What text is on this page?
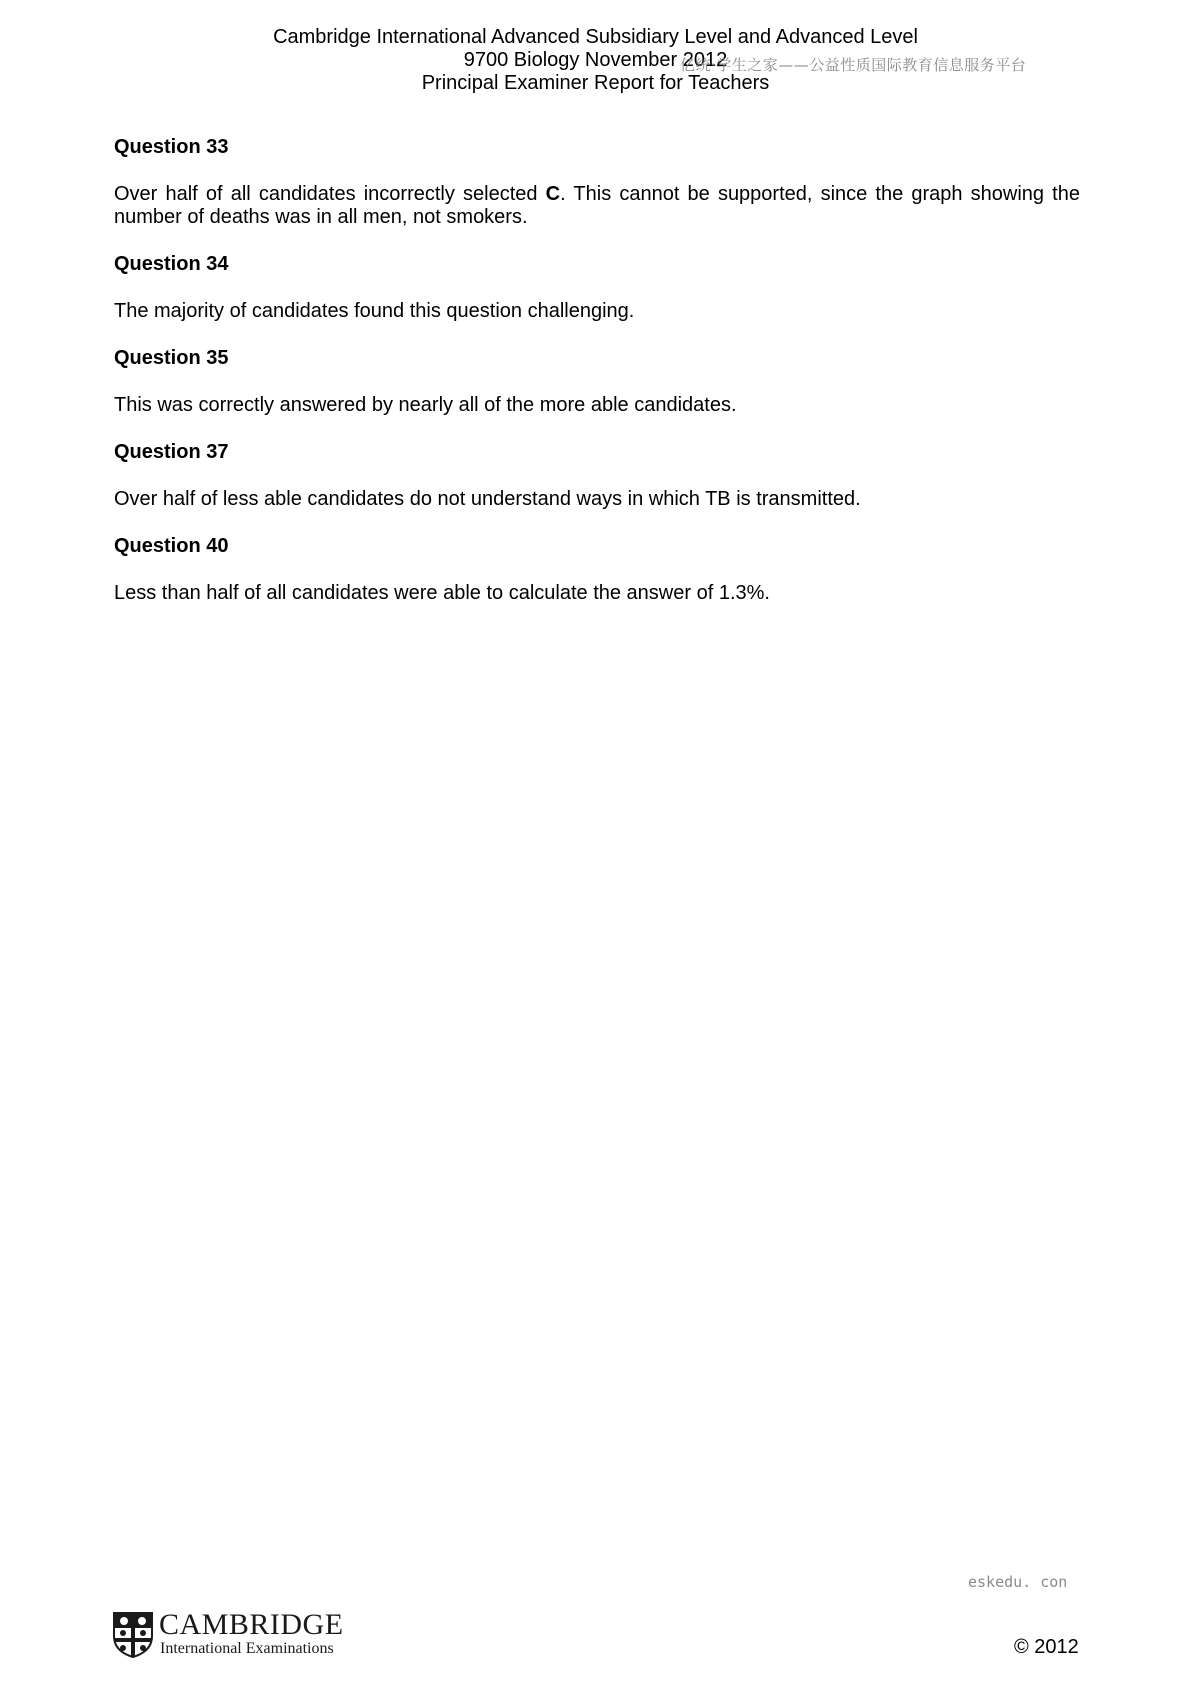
Cambridge International Advanced Subsidiary Level and Advanced Level
9700 Biology November 2012
Principal Examiner Report for Teachers
亿统·学生之家——公益性质国际教育信息服务平台
Question 33
Over half of all candidates incorrectly selected C. This cannot be supported, since the graph showing the number of deaths was in all men, not smokers.
Question 34
The majority of candidates found this question challenging.
Question 35
This was correctly answered by nearly all of the more able candidates.
Question 37
Over half of less able candidates do not understand ways in which TB is transmitted.
Question 40
Less than half of all candidates were able to calculate the answer of 1.3%.
eskedu. con
CAMBRIDGE
International Examinations	© 2012
